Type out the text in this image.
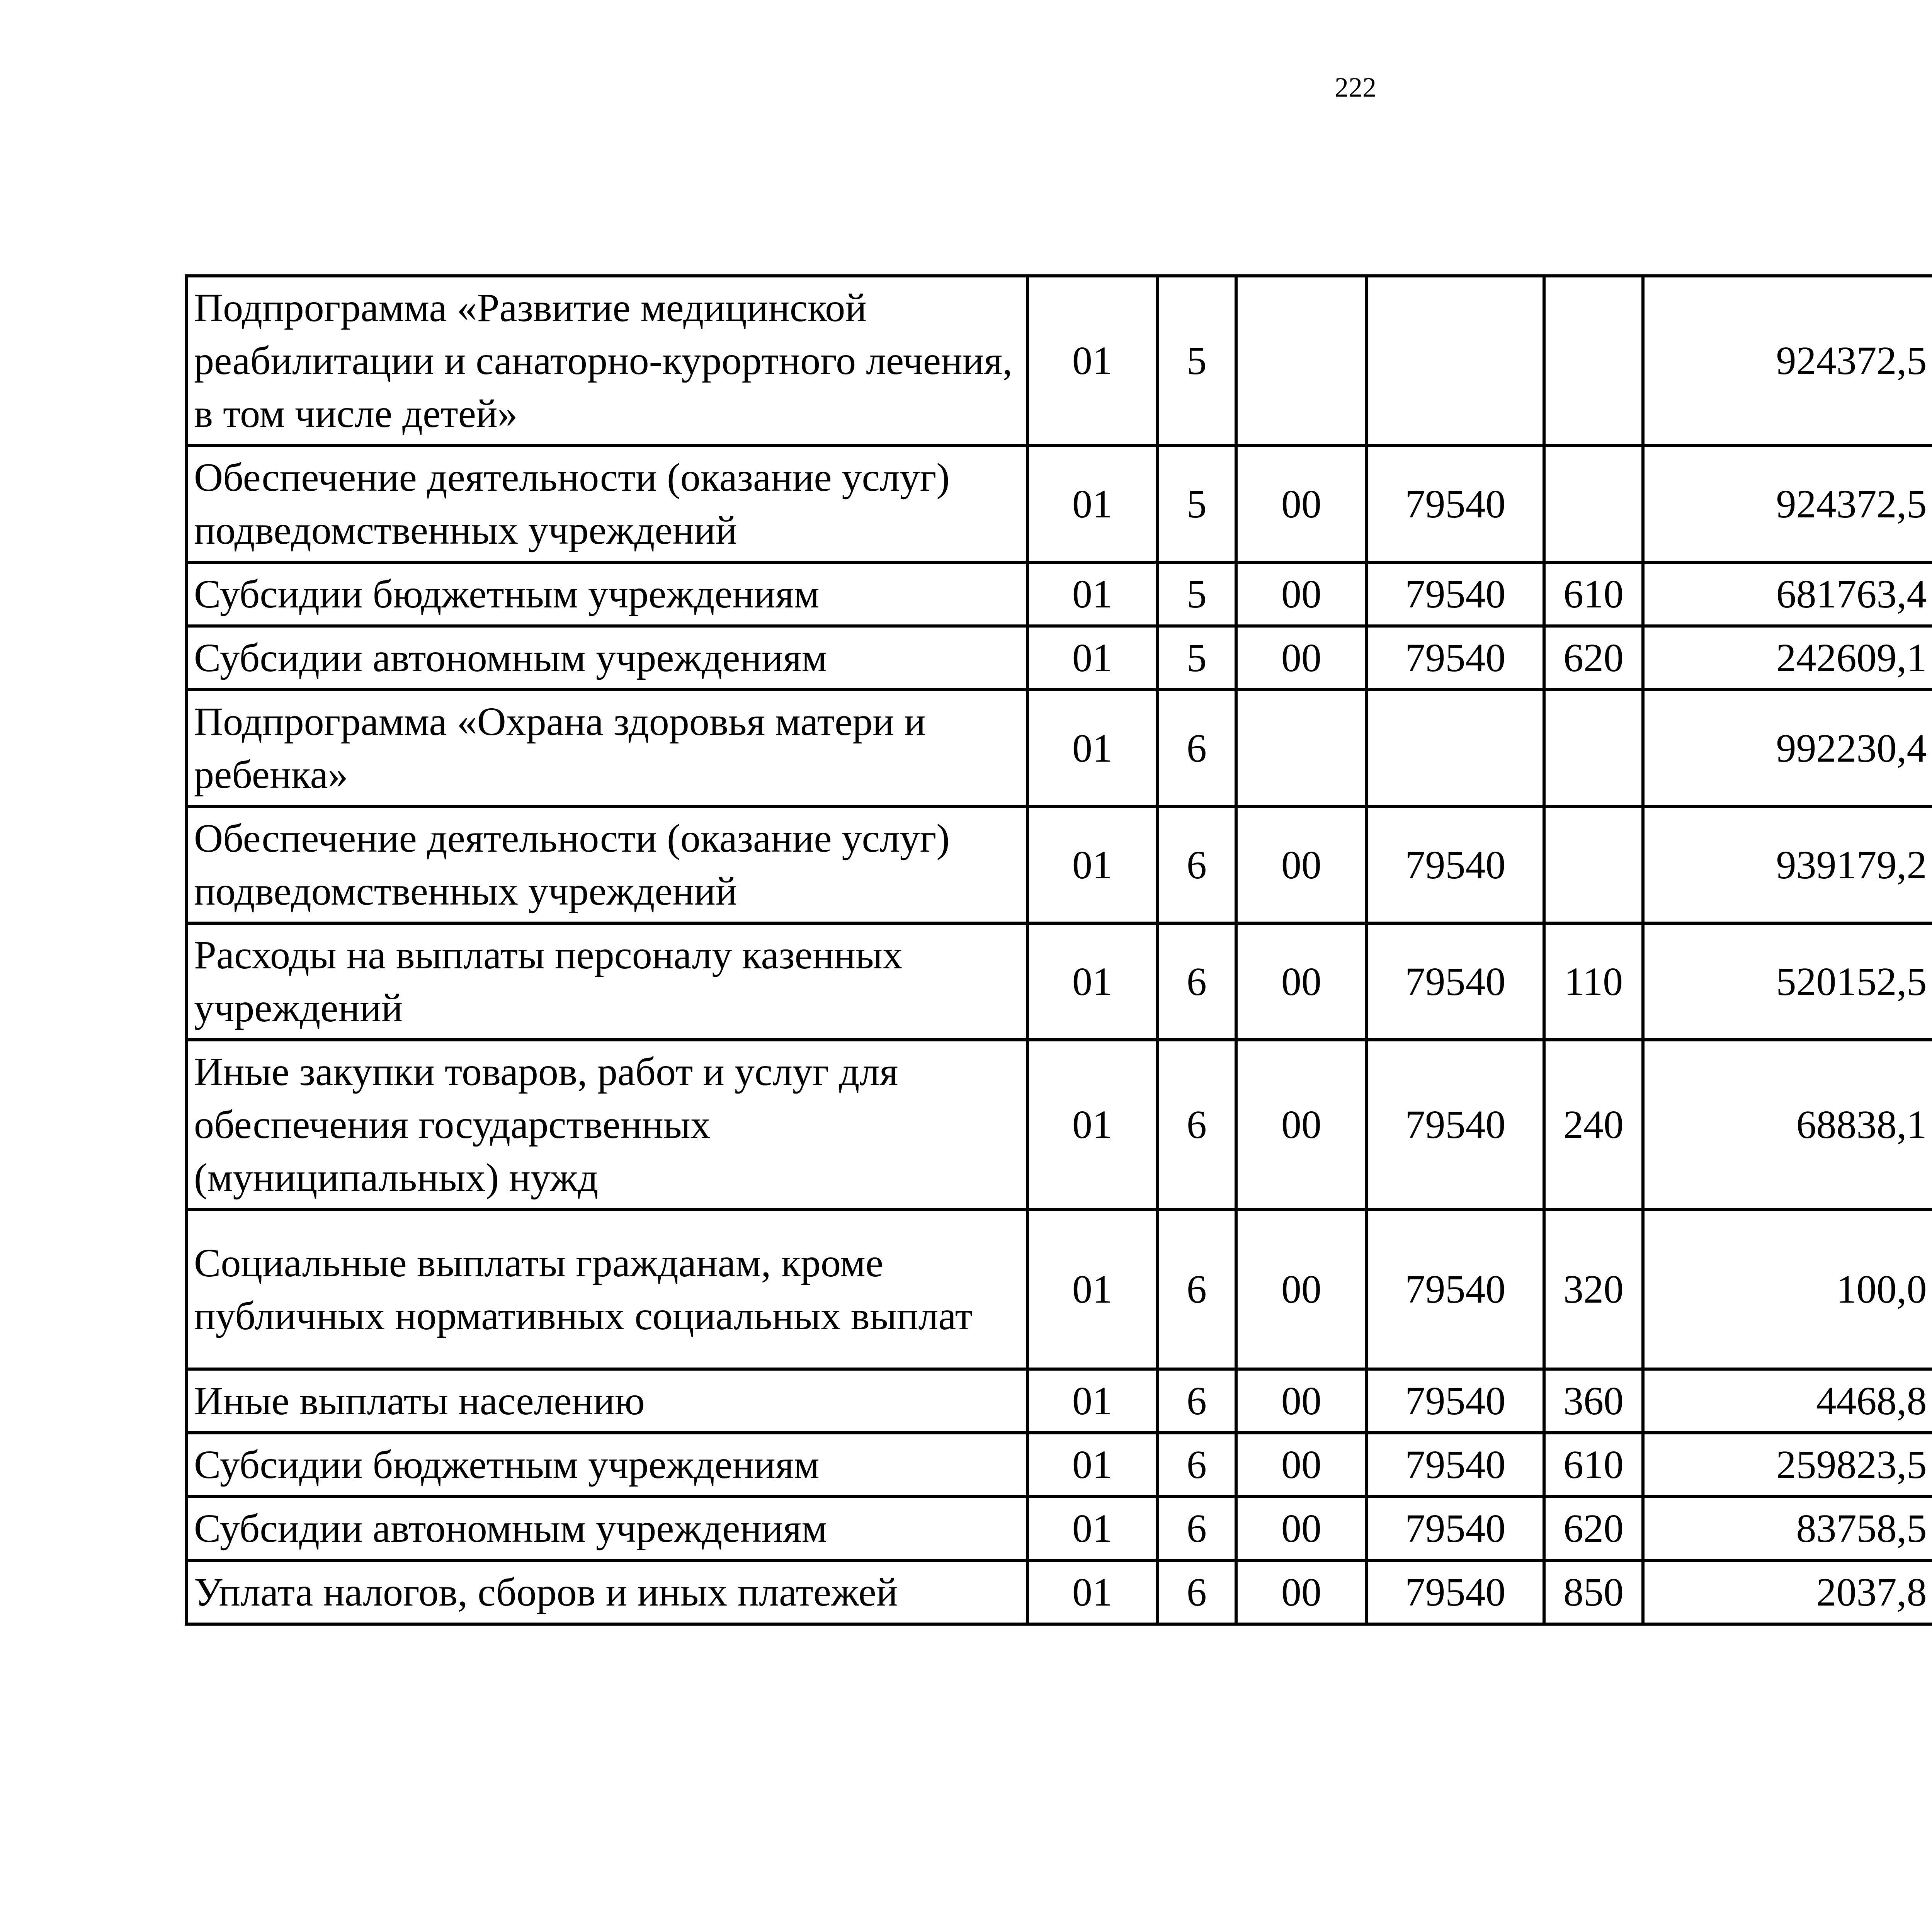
222
Подпрограмма «Развитие медицинской реабилитации и санаторно-курортного лечения, в том числе детей»	01	5				924372,5		
Обеспечение деятельности (оказание услуг) подведомственных учреждений	01	5	00	79540		924372,5		
Субсидии бюджетным учреждениям	01	5	00	79540	610	681763,4		
Субсидии автономным учреждениям	01	5	00	79540	620	242609,1		
Подпрограмма «Охрана здоровья матери и ребенка»	01	6				992230,4		
Обеспечение деятельности (оказание услуг) подведомственных учреждений	01	6	00	79540		939179,2		
Расходы на выплаты персоналу казенных учреждений	01	6	00	79540	110	520152,5		
Иные закупки товаров, работ и услуг для обеспечения государственных (муниципальных) нужд	01	6	00	79540	240	68838,1		
Социальные выплаты гражданам, кроме публичных нормативных социальных выплат	01	6	00	79540	320	100,0		
Иные выплаты населению	01	6	00	79540	360	4468,8		
Субсидии бюджетным учреждениям	01	6	00	79540	610	259823,5		
Субсидии автономным учреждениям	01	6	00	79540	620	83758,5		
Уплата налогов, сборов и иных платежей	01	6	00	79540	850	2037,8		
